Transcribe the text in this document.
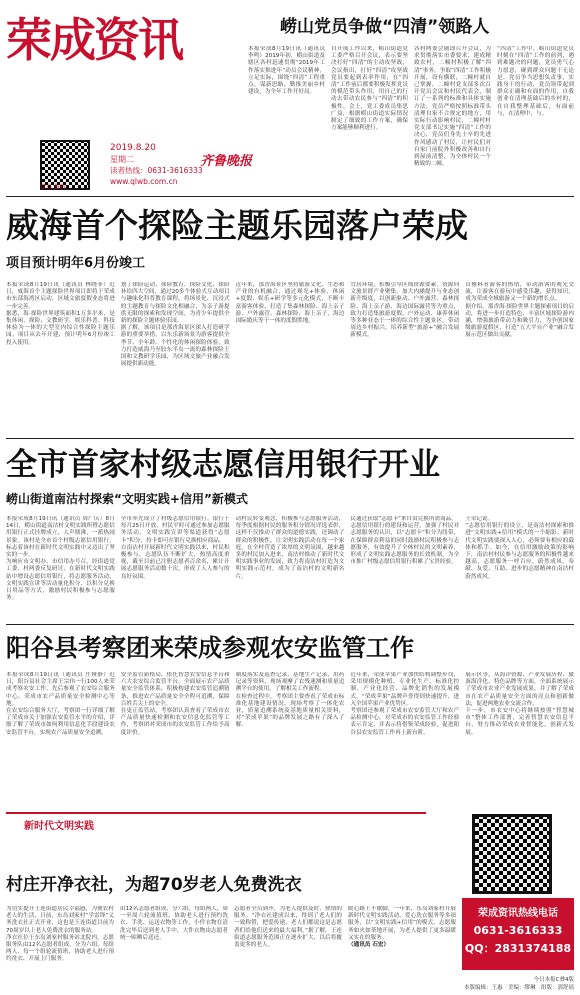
荣成资讯
2019.8.20
星期二
读者热线：0631-3616333
www.qlwb.com.cn
齐鲁晚报
壹点 报料
崂山党员争做“四清”领路人
本报荣成8月19日讯（通讯员 李鸣）2019年初，崂山街道及辖区各村迅速贯彻“2019年工作落实推进年”动员会议精神，立足实际，围绕“四清”工程重点，谋新思路，勤推美丽乡村建设，为全年工作开好局。
自开展工作以来，崂山街道党工委严格召开会议，表示要坚决打好“四清”的主动攻坚战，会议指出，打好“四清”攻坚战党员要起到表率作用，在“四清”工作前后都要积极发挥党员的模范带头作用，用自己的行动去带动农民参与“四清”的积极性。会上，党工委成员集思广益，根据崂山街道实际情况制定了细致的工作方案，确保方案能够顺利进行。
各村两委会随即召开会议，为求贯彻落实市委要求，建成精致农村，二幢村积极了解“四清”事务，争取“四清”工作积极开展，设有横联，二幢村就自己掌握，二幢村党支部多次召开党员会议和村民代表会，制订了一系列的标准和具体实施方法。党员严格按照标准带头清理自家不合规定的地方，用实际行动影响村民，二幢村村党支部书记实施“四清”工作的决心，党员们身先士卒的先进作风感动了村民，让村民们对自家门前院外积极改善和自行到屋前清整，为全体村民一个精致的二幢。
“四清”工作中，崂山街道党员时刻在“四清”工作的前列，遇到难题决的问题，党员勇气心力愿意，碰到群众问题干无论是，党员争当思想负责事，实践身干的行动，党员领带起到群众正确和有面的作用，自我创业在清理基础后的乡村的，在自我整理基础后，有面前与，在清理中，与。
威海首个探险主题乐园落户荣成
项目预计明年6月份竣工
本报荣成8月19日讯（通讯员 林晓菲）近日，威海首个主题探险世界项目即将于荣成市东部海湾区启动，区域文旅度假业态将进一步完善。
据悉，海·探险世界建筑面积1万多平米，是集休闲、探险、文教研学、娱乐科普、科技休验为一体的大型室内综合性探险主题乐园。项目从去年开建，预计明年6月份竣工投入使用。
划了探险运动、探险教育、探险文化、探险补给四大空间，通过20多个体验式互动项目与趣味化科普教育课程，将场景化、沉浸式的主题教育与探险文化相融合，为亲子游提供无限的探索和发现空间，为青少年提供全新的探险主题体验乐园。
据了解，该项目是那香海景区深入打造研学游的重要举措，以东乐新场景为游客提供全季节、全年龄、个性化的休闲探险体验，致力打造威海乃至胶东半岛一流的森林探险王国和文教研学乐园，为区域文旅产业融合发展提供新动能。
近年来，那香海景区坚持旅游文化、生态和产业的有机融合，通过观光+体验、休闲+度假、娱乐+研学等多元化模式，不断丰富游客体验，打造了集森林探险、海上亲子游、户外露营、森林探险、海上亲子、海边国际婚庆等于一体的度假胜地。
宜居环境，积极引导区域资源要素，资源向文旅景群产业聚集，加大内涵提升与业态创新升级度，以创新驱动、户外露营、森林探险、海上亲子游、海边国际露营等为重点，致力打造集旅游度假、户外运动、康养休闲等多种业态于一体的综合性主题景区，带动周边乡村振兴，培养新型“旅游+”融合发展新模式。
首雅料者游客的热情，带动游客的观光交流，让游客在游玩中感受乐趣，获得知识，成为荣成全域旅游又一个新的增长点。
据介绍，那香海·探险世界主题探索项目的启动，将进一步打造特色、丰富区域探险游内涵，增强旅游带动力和吸引力，为争创国家级旅游度假区，打造“五大平台产业”融合发展示范区做出贡献。
全市首家村级志愿信用银行开业
崂山街道南沽村探索“文明实践+信用”新模式
本报荣成8月19日讯（通讯员 周广庆）8月14日，崂山街道南沽村文明实践所暨志愿信用银行正式挂牌成立，人声鼎沸，一派热闹景象。该村是全市首个村级志愿信用银行，标志着该村在新时代文明实践中又迈出了坚实的一步。
为响应市文明办、市信用办号召，经街道党工委、村两委反复研讨，在新时代文明实践站中增设志愿信用银行，将志愿服务活动、文明实践宣讲等活动量化积分，以积分兑换日用品等方式，激励村民积极参与志愿服务。
全市率先成立了村级志愿信用银行。银行于每月25日开放，村民平时可通过参加志愿服务活动、文明实践宣讲等渠道获得“志愿卡”积分，持卡即可在银行兑换相应商品。
自南沽村开展新时代文明实践以来，村民积极参与，志愿队伍不断扩大，热情高度重视，截至目前已注册志愿者百余名，累计开展志愿服务活动数十次，形成了人人参与的良好氛围。
动村民转变观念，积极参与志愿服务活动，每季度根据村民的服务积分情况评选表彰，这样不仅推动了群众的道德实践，还调动了群众的积极性，让文明实践活动在每一个家庭。在全村营造了浓厚的文明氛围，越来越多的村民加入进来，南沽村推动了新时代文明实践事业的发展，致力将南沽村打造为文明实践示范村，成为了南沽村的文明新名片。
民通过获取“志愿卡”来自由兑换所需商品。
志愿信用银行的建设和运营，加强了村民对志愿服务的认识，以“志愿卡”积分为纽带，在保障群众利益的同时鼓励村民积极参与志愿服务，有效提升了全体村民的文明素养，形成了文明实践志愿服务的长效机制，为全市推广村级志愿信用银行积累了宝贵经验。
王荣记说。
“志愿信用银行的设立，是南沽村探索和推进“文明实践+信用”模式的一个缩影。新时代文明实践要深入人心，必须要有相应的载体和抓手。如今，在信用激励政策的影响下，南沽村村民参与志愿服务的积极性越来越高，志愿服务一呼百应，蔚然成风，奉献、友爱、互助、进步的志愿精神在南沽村蔚然成风。
阳谷县考察团来荣成参观农安监管工作
本报荣成8月19日讯（通讯员 庄娅静）近日，阳谷县社会主席王宗伟一行100人来荣成考察农安工作，先后参观了农安综合服务中心、荣成市农产品质量安全检测中心等地。
在农安综合服务大厅，考察团一行详细了解了荣成市关于加强农安监管水平的介绍，详细了解了荣成市如何利用信息化手段建设农安监管平台，实现农产品质量安全追溯。
安全监管新格局，依托智慧农安信息平台和六大农安综合监管平台，全面展示农产品质量安全监管体系，积极构建农安监管追溯链条，推进农产品质量安全全程可追溯，保障百姓舌尖上的安全。
在更正监管站，考察团认真查看了荣成市农产品质量快速检测和农安信息化监管等工作，考察团对荣成市的农安监管工作给予高度评价。
制度落实及巡查记录、基地生产记录、用药记录等资料，现场观摩了农残速测和质量追溯平台的使用，了解相关工作流程。
在检查过程中，考察团主要查看了荣成市标准化基地建设情况、现场考察了一体化农业，质量追溯系统及基地质量相关资料，对“荣成苹果”的品牌发展之路有了深入了解。
近年来，荣成苹果产业加快结构调整步伐，采用规模化种植、专业化生产、标准化控制、产业化经营、品牌化销售的发展模式，“荣成苹果”品牌声誉得到快速提升，进入全国苹果产业优势区。
考察团还参观了荣成市农安监管大厅和农产品检测中心，对荣成市的农安监管工作经验表示肯定，并表示将借鉴荣成经验，促进阳谷县农安监管工作再上新台阶。
展示区等，从海洋资源、产业发展历程、旅游海洋化、特色品牌等方面，全面系统展示了荣成市农业产业发展成果，并了解了荣成市在农产品质量安全方面的亮点和创新做法，促进两地农业交流合作。
下一步，市农安中心将继续按照“智慧城市”整体工作部署，完善智慧农安信息平台，努力推动荣成农业智能化，创新式发展。
新时代文明实践
村庄开净衣社，为超70岁老人免费洗衣
为切实提升王连街道居民幸福感，为便农村老人的生活，日前，东岛刘家村“学雷锋”义务洗衣社正式开业，这也是王连街道目前为70周岁以上老人免费洗衣的服务站。
净衣社位于东岛刘家村服务站北院内，志愿服务队由12名志愿者组成，分为六组，每组两人，每一个组轮流值班，协助老人进行预约洗衣、开展上门服务。
由12名志愿者组成，分六组，每组两人，周一至周六轮流值班，协助老人进行预约洗衣、手洗、运送衣物等工作，小件衣物在清洗完毕后送到老人手中，大件衣物由志愿者统一晾晒后送还。
志愿者全员到齐，为老人提供及时、热情的服务。“净衣社建成以来，得到了老人们的一致称赞，把爱传递，老人们都说这是志愿者们给他们送来的最大福利。”据了解，王连街道志愿服务范围正在逐步扩大，以后将覆盖更多的老人。
暖心路上不歇脚，一年来，东岛刘家村开展新时代文明实践活动、爱心洗衣服务等多项服务，以“文明实践+信用”的模式，志愿服务如火如荼地开展，为老人提供了更多温暖又实在的服务。
（通讯员 石宏）
荣成资讯热线电话
0631-3616333
QQ：2831374188
今日本报C叠4版
本版编辑：王惠　美编：缪琳　组版：郭舒瑶
